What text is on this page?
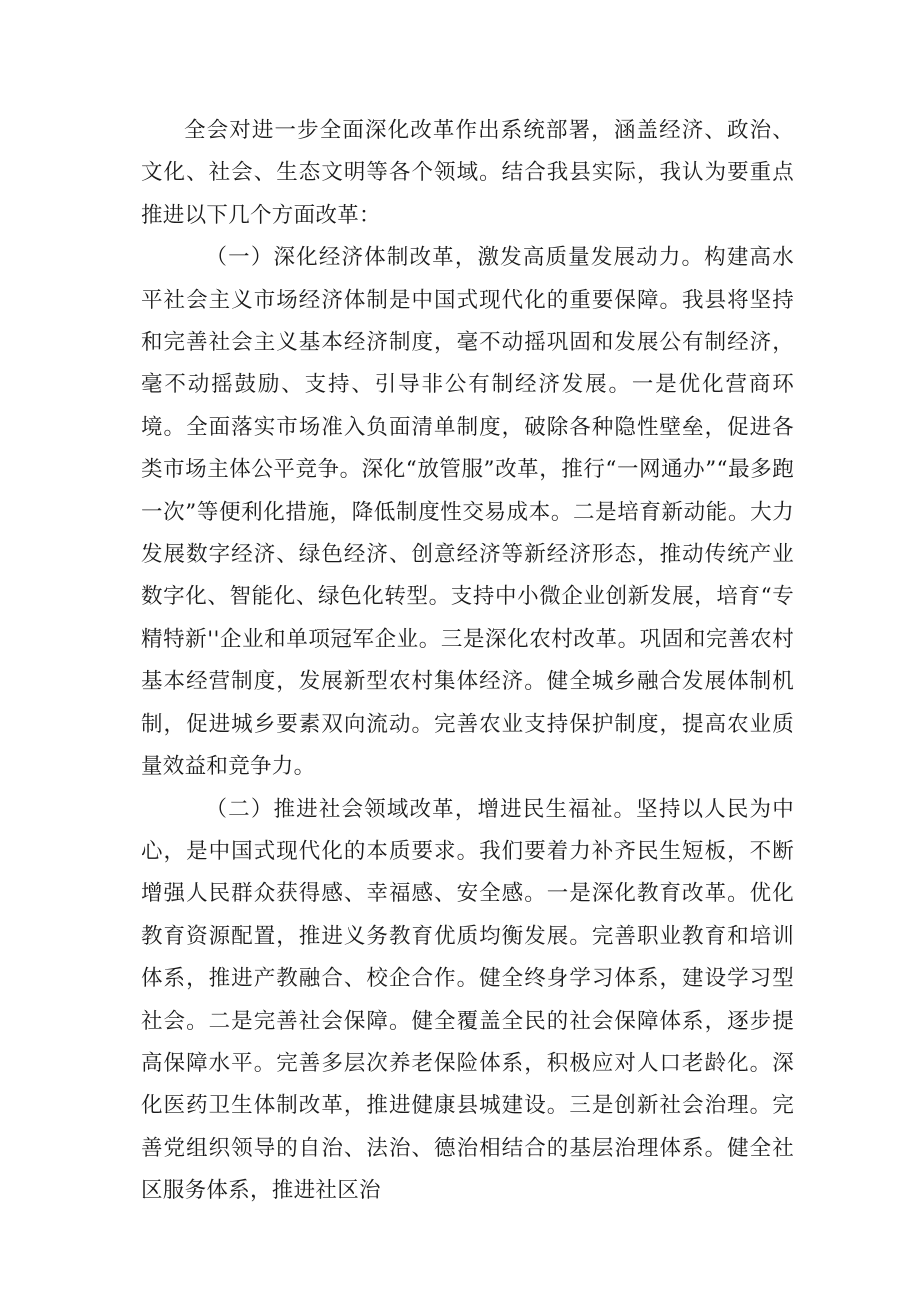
全会对进一步全面深化改革作出系统部署，涵盖经济、政治、文化、社会、生态文明等各个领域。结合我县实际，我认为要重点推进以下几个方面改革：

（一）深化经济体制改革，激发高质量发展动力。构建高水平社会主义市场经济体制是中国式现代化的重要保障。我县将坚持和完善社会主义基本经济制度，毫不动摇巩固和发展公有制经济，毫不动摇鼓励、支持、引导非公有制经济发展。一是优化营商环境。全面落实市场准入负面清单制度，破除各种隐性壁垒，促进各类市场主体公平竞争。深化“放管服”改革，推行“一网通办”“最多跑一次”等便利化措施，降低制度性交易成本。二是培育新动能。大力发展数字经济、绿色经济、创意经济等新经济形态，推动传统产业数字化、智能化、绿色化转型。支持中小微企业创新发展，培育“专精特新''企业和单项冠军企业。三是深化农村改革。巩固和完善农村基本经营制度，发展新型农村集体经济。健全城乡融合发展体制机制，促进城乡要素双向流动。完善农业支持保护制度，提高农业质量效益和竞争力。

（二）推进社会领域改革，增进民生福祉。坚持以人民为中心，是中国式现代化的本质要求。我们要着力补齐民生短板，不断增强人民群众获得感、幸福感、安全感。一是深化教育改革。优化教育资源配置，推进义务教育优质均衡发展。完善职业教育和培训体系，推进产教融合、校企合作。健全终身学习体系，建设学习型社会。二是完善社会保障。健全覆盖全民的社会保障体系，逐步提高保障水平。完善多层次养老保险体系，积极应对人口老龄化。深化医药卫生体制改革，推进健康县城建设。三是创新社会治理。完善党组织领导的自治、法治、德治相结合的基层治理体系。健全社区服务体系，推进社区治
